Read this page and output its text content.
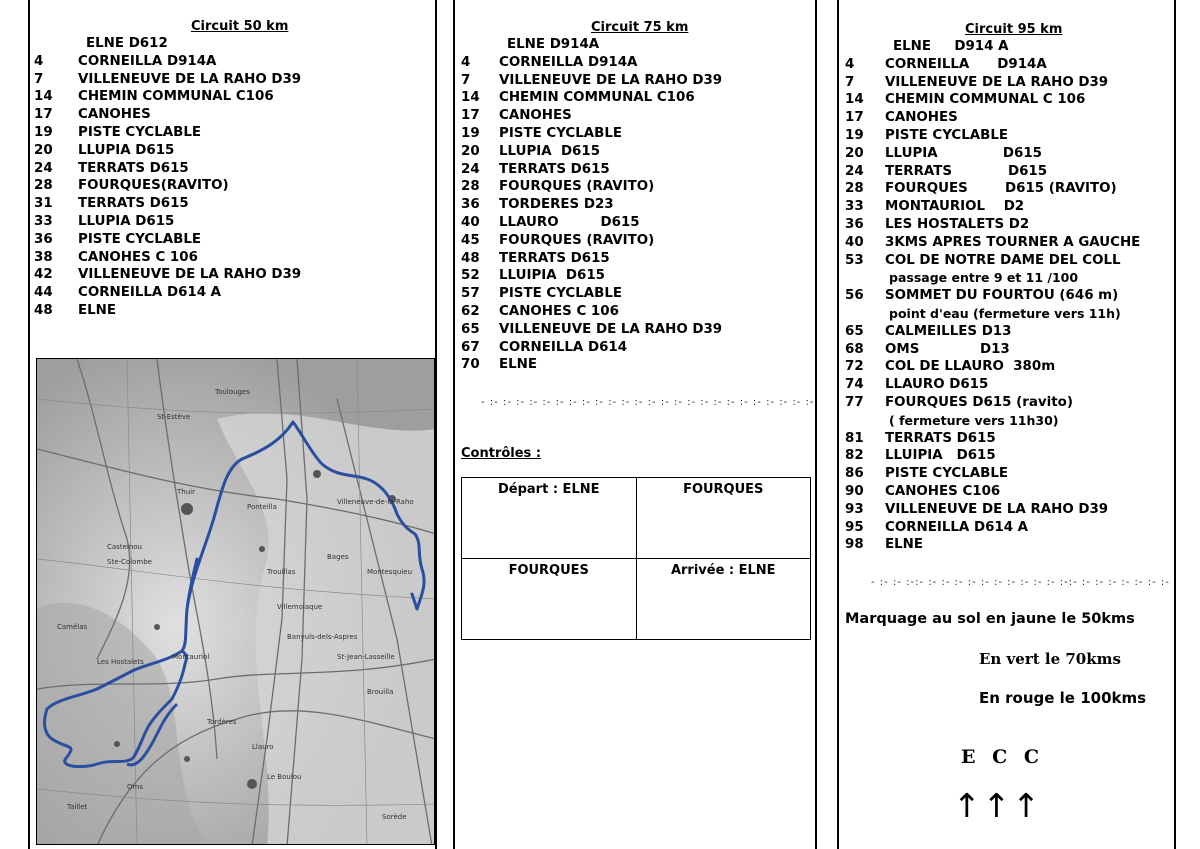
Circuit 50 km
ELNE D612
4	CORNEILLA D914A
7	VILLENEUVE DE LA RAHO D39
14 CHEMIN COMMUNAL C106
17 CANOHES
19 PISTE CYCLABLE
20 LLUPIA D615
24 TERRATS D615
28 FOURQUES(RAVITO)
31 TERRATS D615
33 LLUPIA D615
36 PISTE CYCLABLE
38 CANOHES C 106
42 VILLENEUVE DE LA RAHO D39
44 CORNEILLA D614 A
48 ELNE
Toulouges
St-Estève
Thuir
Castelnou
Ste-Colombe
Camélas
Ponteilla
Villeneuve-de-la-Raho
Montauriol
Les Hostalets
Tordères
Llauro
Oms
Le Boulou
Bages
Villemolaque
Banyuls-dels-Aspres
St-Jean-Lasseille
Brouilla
Montesquieu
Taillet
Sorède
Trouillas
Circuit 75 km
ELNE D914A
4 CORNEILLA D914A
7 VILLENEUVE DE LA RAHO D39
14 CHEMIN COMMUNAL C106
17 CANOHES
19 PISTE CYCLABLE
20 LLUPIA  D615
24 TERRATS D615
28 FOURQUES (RAVITO)
36 TORDERES D23
40 LLAURO         D615
45 FOURQUES (RAVITO)
48 TERRATS D615
52 LLUIPIA  D615
57 PISTE CYCLABLE
62 CANOHES C 106
65 VILLENEUVE DE LA RAHO D39
67 CORNEILLA D614
70 ELNE
- :- :- :- :- :- :- :- :- :- :- :- :- :- :- :- :- :- :- :- :- :- :- :- :- :-
Contrôles :
Départ : ELNE	FOURQUES
FOURQUES	Arrivée : ELNE
Circuit 95 km
ELNE     D914 A
4 CORNEILLA      D914A
7 VILLENEUVE DE LA RAHO D39
14 CHEMIN COMMUNAL C 106
17 CANOHES
19 PISTE CYCLABLE
20 LLUPIA              D615
24 TERRATS            D615
28 FOURQUES        D615 (RAVITO)
33 MONTAURIOL    D2
36 LES HOSTALETS D2
40 3KMS APRES TOURNER A GAUCHE
53 COL DE NOTRE DAME DEL COLL
passage entre 9 et 11 /100
56 SOMMET DU FOURTOU (646 m)
point d'eau (fermeture vers 11h)
65 CALMEILLES D13
68 OMS             D13
72 COL DE LLAURO  380m
74 LLAURO D615
77 FOURQUES D615 (ravito)
( fermeture vers 11h30)
81 TERRATS D615
82 LLUIPIA   D615
86 PISTE CYCLABLE
90 CANOHES C106
93 VILLENEUVE DE LA RAHO D39
95 CORNEILLA D614 A
98 ELNE
- :- :- :-:- :- :- :- :- :- :- :- :- :- :- :-:- :- :- :- :- :- :- :-
Marquage au sol en jaune le 50kms
En vert le 70kms
En rouge le 100kms
E C C
↑↑↑
